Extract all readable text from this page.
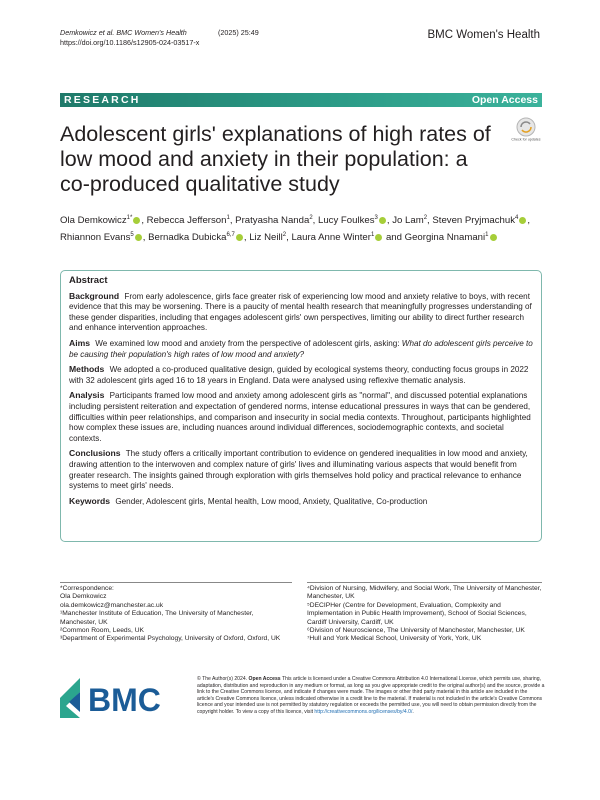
Demkowicz et al. BMC Women's Health
https://doi.org/10.1186/s12905-024-03517-x
(2025) 25:49	BMC Women's Health
RESEARCH	Open Access
Adolescent girls' explanations of high rates of low mood and anxiety in their population: a co-produced qualitative study
Check for updates
Ola Demkowicz$^{1*}$ , Rebecca Jefferson$^1$, Pratyasha Nanda$^2$, Lucy Foulkes$^3$ , Jo Lam$^2$, Steven Pryjmachuk$^4$ , Rhiannon Evans$^5$ , Bernadka Dubicka$^{6,7}$ , Liz Neill$^2$, Laura Anne Winter$^1$ and Georgina Nnamani$^1$

Abstract

Background From early adolescence, girls face greater risk of experiencing low mood and anxiety relative to boys, with recent evidence that this may be worsening. There is a paucity of mental health research that meaningfully progresses understanding of these gender disparities, including that engages adolescent girls' own perspectives, limiting our ability to direct further research and enhance intervention approaches.

Aims We examined low mood and anxiety from the perspective of adolescent girls, asking: What do adolescent girls perceive to be causing their population's high rates of low mood and anxiety?

Methods We adopted a co-produced qualitative design, guided by ecological systems theory, conducting focus groups in 2022 with 32 adolescent girls aged 16 to 18 years in England. Data were analysed using reflexive thematic analysis.

Analysis Participants framed low mood and anxiety among adolescent girls as "normal", and discussed potential explanations including persistent reiteration and expectation of gendered norms, intense educational pressures in ways that can be gendered, difficulties within peer relationships, and comparison and insecurity in social media contexts. Throughout, participants highlighted how complex these issues are, including nuances around individual differences, sociodemographic contexts, and societal contexts.

Conclusions The study offers a critically important contribution to evidence on gendered inequalities in low mood and anxiety, drawing attention to the interwoven and complex nature of girls' lives and illuminating various aspects that would benefit from greater research. The insights gained through exploration with girls themselves hold policy and practical relevance to enhance systems to meet girls' needs.

Keywords Gender, Adolescent girls, Mental health, Low mood, Anxiety, Qualitative, Co-production

*Correspondence:

Ola Demkowicz

ola.demkowicz@manchester.ac.uk

¹Manchester Institute of Education, The University of Manchester, Manchester, UK

²Common Room, Leeds, UK

³Department of Experimental Psychology, University of Oxford, Oxford, UK

⁴Division of Nursing, Midwifery, and Social Work, The University of Manchester, Manchester, UK

⁵DECIPHer (Centre for Development, Evaluation, Complexity and Implementation in Public Health Improvement), School of Social Sciences, Cardiff University, Cardiff, UK

⁶Division of Neuroscience, The University of Manchester, Manchester, UK

⁷Hull and York Medical School, University of York, York, UK

BMC
© The Author(s) 2024. Open Access This article is licensed under a Creative Commons Attribution 4.0 International License, which permits use, sharing, adaptation, distribution and reproduction in any medium or format, as long as you give appropriate credit to the original author(s) and the source, provide a link to the Creative Commons licence, and indicate if changes were made. The images or other third party material in this article are included in the article's Creative Commons licence, unless indicated otherwise in a credit line to the material. If material is not included in the article's Creative Commons licence and your intended use is not permitted by statutory regulation or exceeds the permitted use, you will need to obtain permission directly from the copyright holder. To view a copy of this licence, visit http://creativecommons.org/licenses/by/4.0/.
